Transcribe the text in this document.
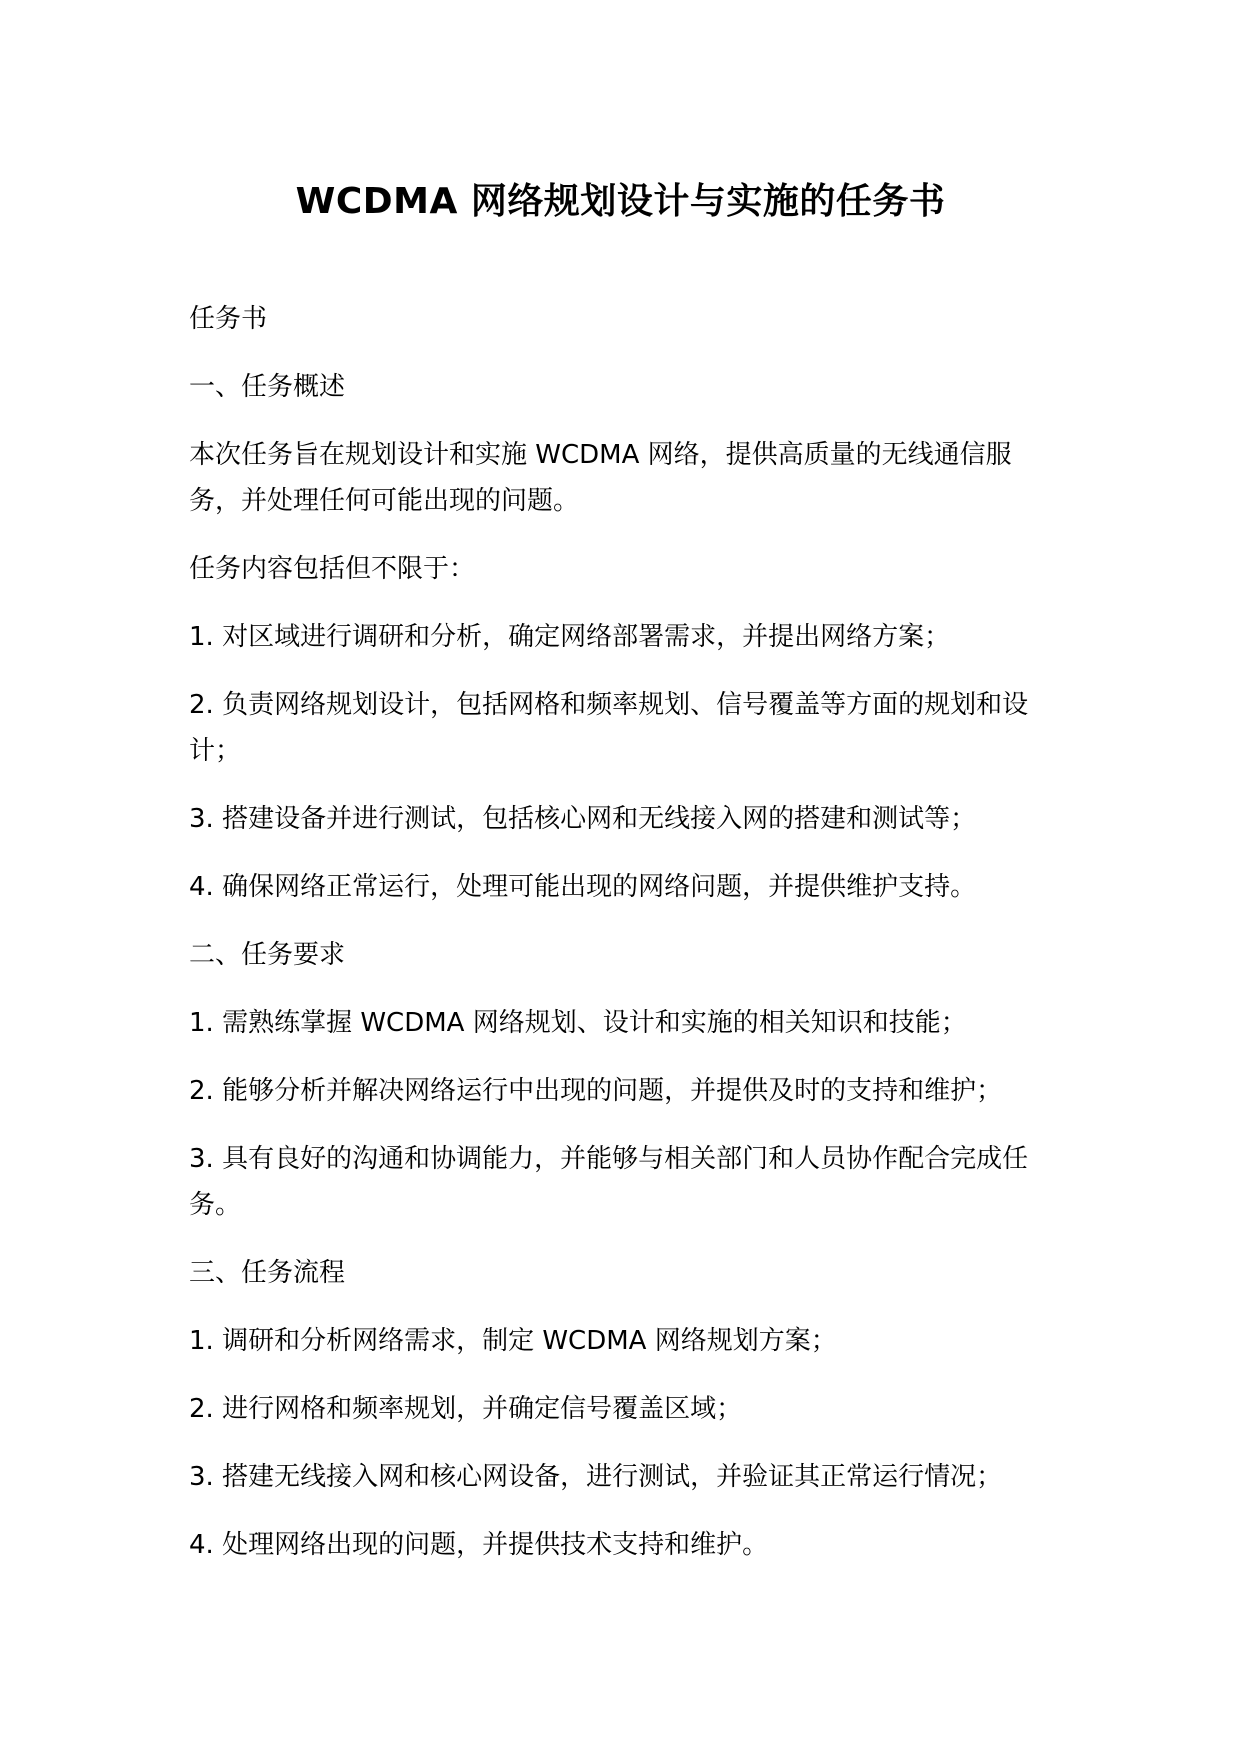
WCDMA 网络规划设计与实施的任务书

任务书

一、任务概述

本次任务旨在规划设计和实施 WCDMA 网络，提供高质量的无线通信服务，并处理任何可能出现的问题。

任务内容包括但不限于：

1. 对区域进行调研和分析，确定网络部署需求，并提出网络方案；

2. 负责网络规划设计，包括网格和频率规划、信号覆盖等方面的规划和设计；

3. 搭建设备并进行测试，包括核心网和无线接入网的搭建和测试等；

4. 确保网络正常运行，处理可能出现的网络问题，并提供维护支持。

二、任务要求

1. 需熟练掌握 WCDMA 网络规划、设计和实施的相关知识和技能；

2. 能够分析并解决网络运行中出现的问题，并提供及时的支持和维护；

3. 具有良好的沟通和协调能力，并能够与相关部门和人员协作配合完成任务。

三、任务流程

1. 调研和分析网络需求，制定 WCDMA 网络规划方案；

2. 进行网格和频率规划，并确定信号覆盖区域；

3. 搭建无线接入网和核心网设备，进行测试，并验证其正常运行情况；

4. 处理网络出现的问题，并提供技术支持和维护。
